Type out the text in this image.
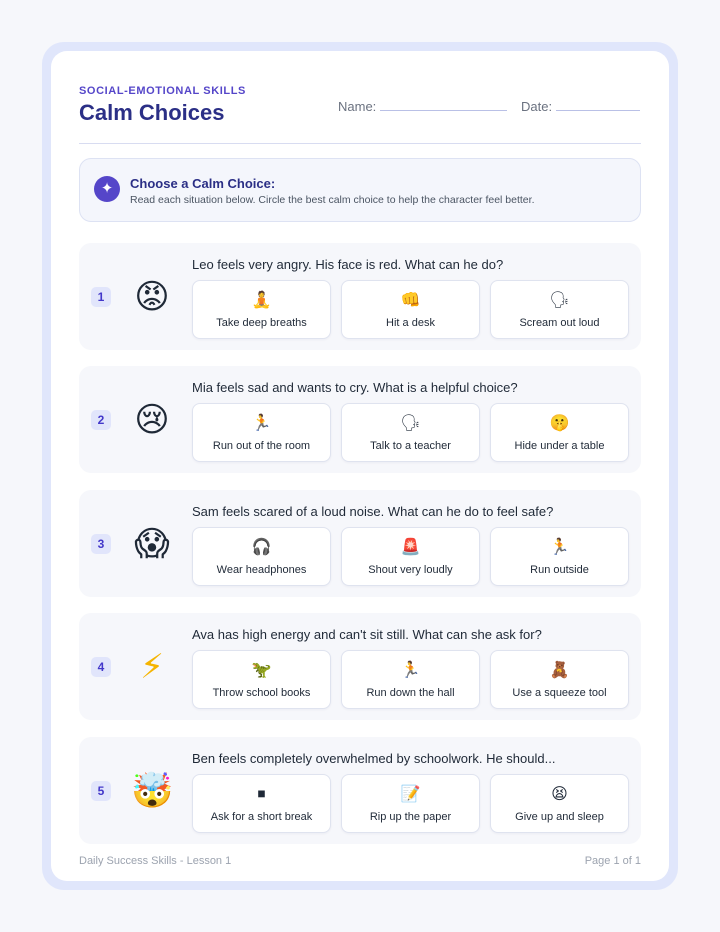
SOCIAL-EMOTIONAL SKILLS
Calm Choices	Name:	Date:
✦	Choose a Calm Choice:
Read each situation below. Circle the best calm choice to help the character feel better.
1 😡
Leo feels very angry. His face is red. What can he do?
🧘
Take deep breaths
👊
Hit a desk
🗣
Scream out loud
2 😢
Mia feels sad and wants to cry. What is a helpful choice?
🏃
Run out of the room
🗣
Talk to a teacher
🤫
Hide under a table
3 😱
Sam feels scared of a loud noise. What can he do to feel safe?
🎧
Wear headphones
🚨
Shout very loudly
🏃
Run outside
4 ⚡
Ava has high energy and can't sit still. What can she ask for?
🦖
Throw school books
🏃
Run down the hall
🧸
Use a squeeze tool
5 🤯
Ben feels completely overwhelmed by schoolwork. He should...
⏹
Ask for a short break
📝
Rip up the paper
😫
Give up and sleep
Daily Success Skills - Lesson 1	Page 1 of 1
